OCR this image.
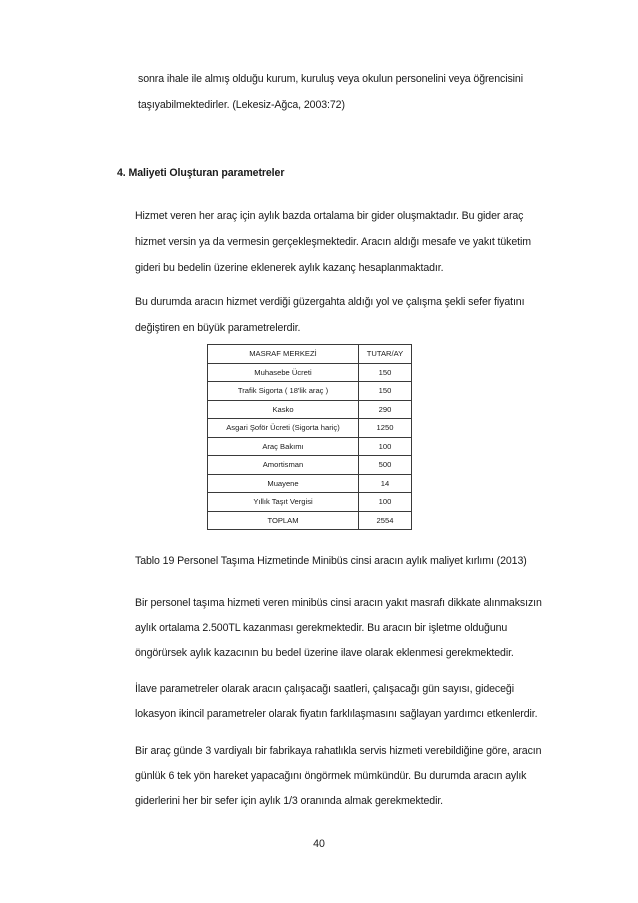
sonra ihale ile almış olduğu kurum, kuruluş veya okulun personelini veya öğrencisini
taşıyabilmektedirler. (Lekesiz-Ağca, 2003:72)
4. Maliyeti Oluşturan parametreler
Hizmet veren her araç için aylık bazda ortalama bir gider oluşmaktadır. Bu gider araç
hizmet versin ya da vermesin gerçekleşmektedir. Aracın aldığı mesafe ve yakıt tüketim
gideri bu bedelin üzerine eklenerek aylık kazanç hesaplanmaktadır.
Bu durumda aracın hizmet verdiği güzergahta aldığı yol ve çalışma şekli sefer fiyatını
değiştiren en büyük parametrelerdir.
MASRAF MERKEZİ	TUTAR/AY
Muhasebe Ücreti	150
Trafik Sigorta ( 18'lik araç )	150
Kasko	290
Asgari Şoför Ücreti (Sigorta hariç)	1250
Araç Bakımı	100
Amortisman	500
Muayene	14
Yıllık Taşıt Vergisi	100
TOPLAM	2554
Tablo 19 Personel Taşıma Hizmetinde Minibüs cinsi aracın aylık maliyet kırlımı (2013)
Bir personel taşıma hizmeti veren minibüs cinsi aracın yakıt masrafı dikkate alınmaksızın
aylık ortalama 2.500TL kazanması gerekmektedir. Bu aracın bir işletme olduğunu
öngörürsek aylık kazacının bu bedel üzerine ilave olarak eklenmesi gerekmektedir.
İlave parametreler olarak aracın çalışacağı saatleri, çalışacağı gün sayısı, gideceği
lokasyon ikincil parametreler olarak fiyatın farklılaşmasını sağlayan yardımcı etkenlerdir.
Bir araç günde 3 vardiyalı bir fabrikaya rahatlıkla servis hizmeti verebildiğine göre, aracın
günlük 6 tek yön hareket yapacağını öngörmek mümkündür. Bu durumda aracın aylık
giderlerini her bir sefer için aylık 1/3 oranında almak gerekmektedir.
40
